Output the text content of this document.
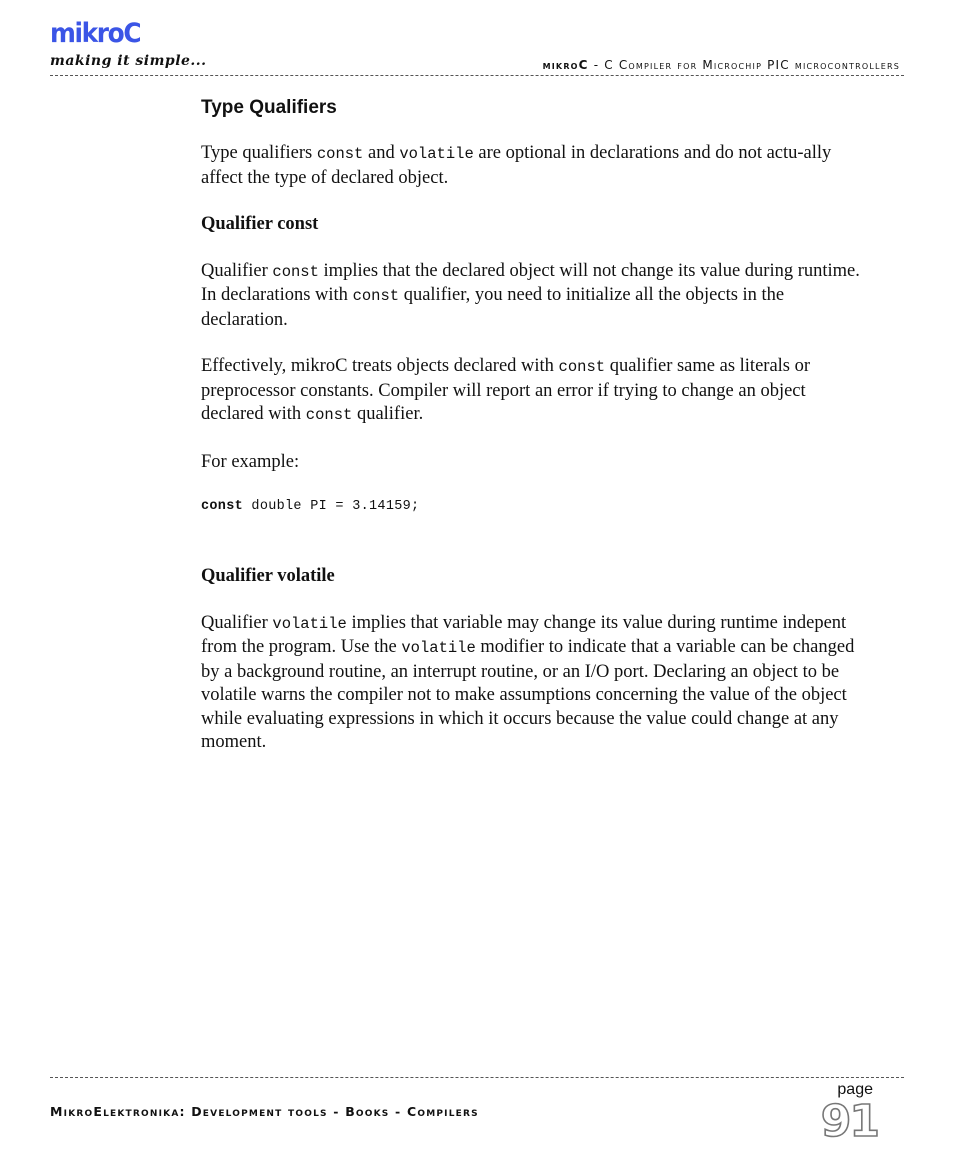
mikroC
making it simple...	mikroC - C Compiler for Microchip PIC microcontrollers
Type Qualifiers

Type qualifiers const and volatile are optional in declarations and do not actu-ally affect the type of declared object.

Qualifier const

Qualifier const implies that the declared object will not change its value during runtime. In declarations with const qualifier, you need to initialize all the objects in the declaration.

Effectively, mikroC treats objects declared with const qualifier same as literals or preprocessor constants. Compiler will report an error if trying to change an object declared with const qualifier.

For example:

const double PI = 3.14159;
Qualifier volatile

Qualifier volatile implies that variable may change its value during runtime indepent from the program. Use the volatile modifier to indicate that a variable can be changed by a background routine, an interrupt routine, or an I/O port. Declaring an object to be volatile warns the compiler not to make assumptions concerning the value of the object while evaluating expressions in which it occurs because the value could change at any moment.

MikroElektronika: Development tools - Books - Compilers
page
91
